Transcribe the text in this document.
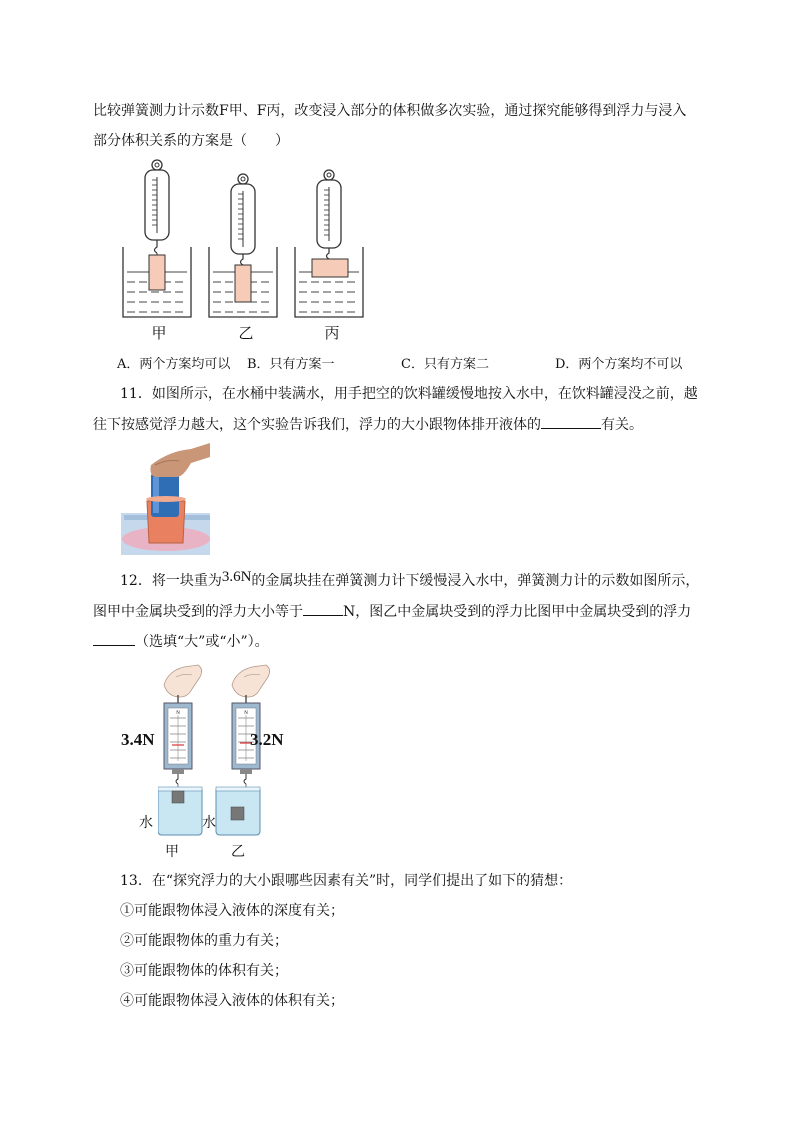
比较弹簧测力计示数F甲、F丙，改变浸入部分的体积做多次实验，通过探究能够得到浮力与浸入
部分体积关系的方案是（　　）
甲	乙	丙
A．两个方案均可以 B．只有方案一	C．只有方案二	D．两个方案均不可以
11．如图所示，在水桶中装满水，用手把空的饮料罐缓慢地按入水中，在饮料罐浸没之前，越
往下按感觉浮力越大，这个实验告诉我们，浮力的大小跟物体排开液体的	有关。
12．将一块重为3.6N的金属块挂在弹簧测力计下缓慢浸入水中，弹簧测力计的示数如图所示，
图甲中金属块受到的浮力大小等于	N，图乙中金属块受到的浮力比图甲中金属块受到的浮力
（选填“大”或“小”）。
N	N
3.4N	3.2N
水	水
甲	乙
13．在“探究浮力的大小跟哪些因素有关”时，同学们提出了如下的猜想：
①可能跟物体浸入液体的深度有关；
②可能跟物体的重力有关；
③可能跟物体的体积有关；
④可能跟物体浸入液体的体积有关；
